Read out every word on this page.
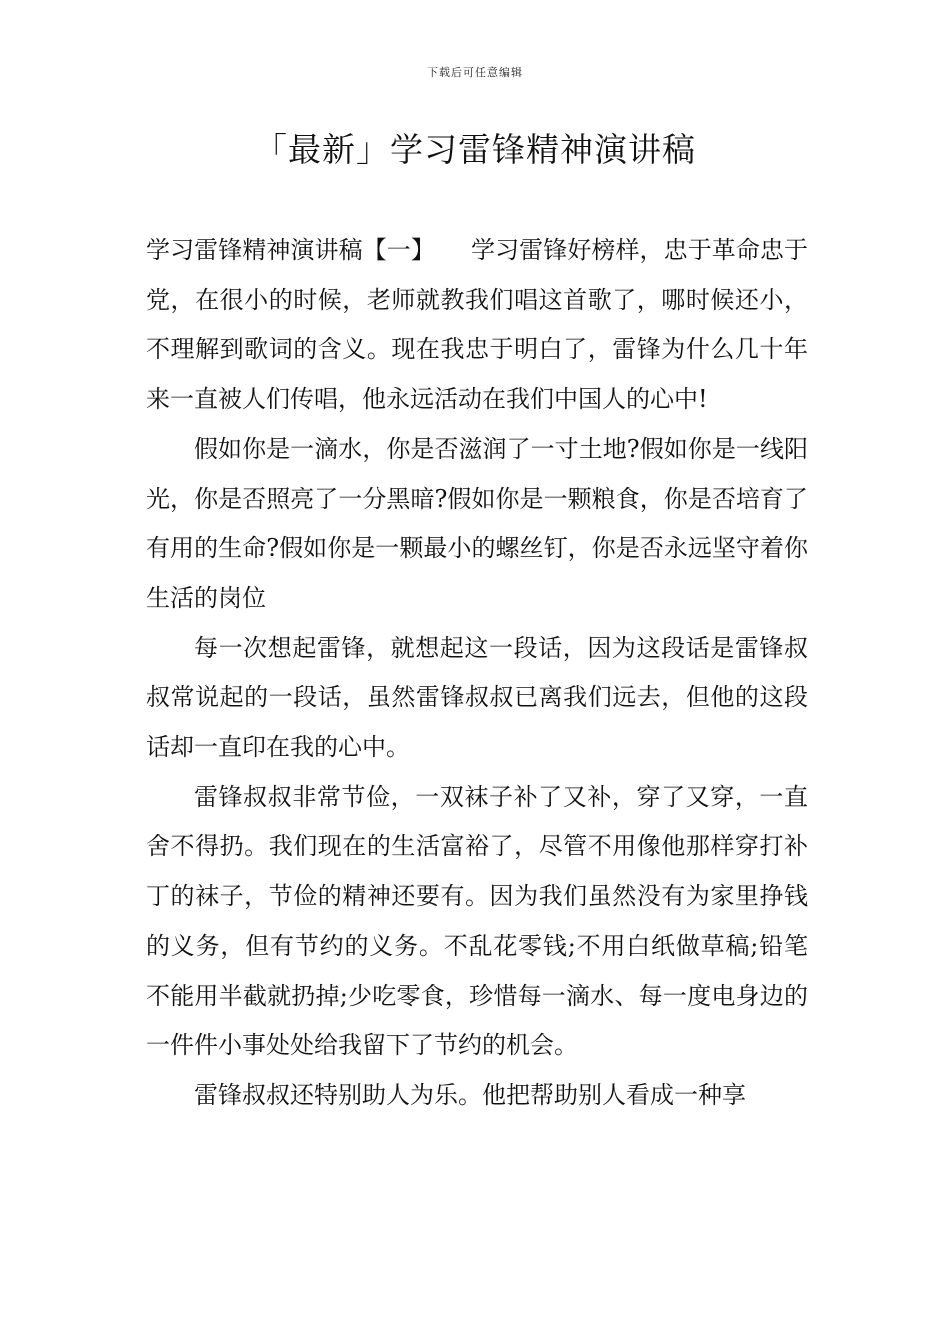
下载后可任意编辑
「最新」学习雷锋精神演讲稿

学习雷锋精神演讲稿【一】　　学习雷锋好榜样，忠于革命忠于党，在很小的时候，老师就教我们唱这首歌了，哪时候还小，不理解到歌词的含义。现在我忠于明白了，雷锋为什么几十年来一直被人们传唱，他永远活动在我们中国人的心中!

假如你是一滴水，你是否滋润了一寸土地?假如你是一线阳光，你是否照亮了一分黑暗?假如你是一颗粮食，你是否培育了有用的生命?假如你是一颗最小的螺丝钉，你是否永远坚守着你生活的岗位

每一次想起雷锋，就想起这一段话，因为这段话是雷锋叔叔常说起的一段话，虽然雷锋叔叔已离我们远去，但他的这段话却一直印在我的心中。

雷锋叔叔非常节俭，一双袜子补了又补，穿了又穿，一直舍不得扔。我们现在的生活富裕了，尽管不用像他那样穿打补丁的袜子，节俭的精神还要有。因为我们虽然没有为家里挣钱的义务，但有节约的义务。不乱花零钱;不用白纸做草稿;铅笔不能用半截就扔掉;少吃零食，珍惜每一滴水、每一度电身边的一件件小事处处给我留下了节约的机会。

雷锋叔叔还特别助人为乐。他把帮助别人看成一种享
